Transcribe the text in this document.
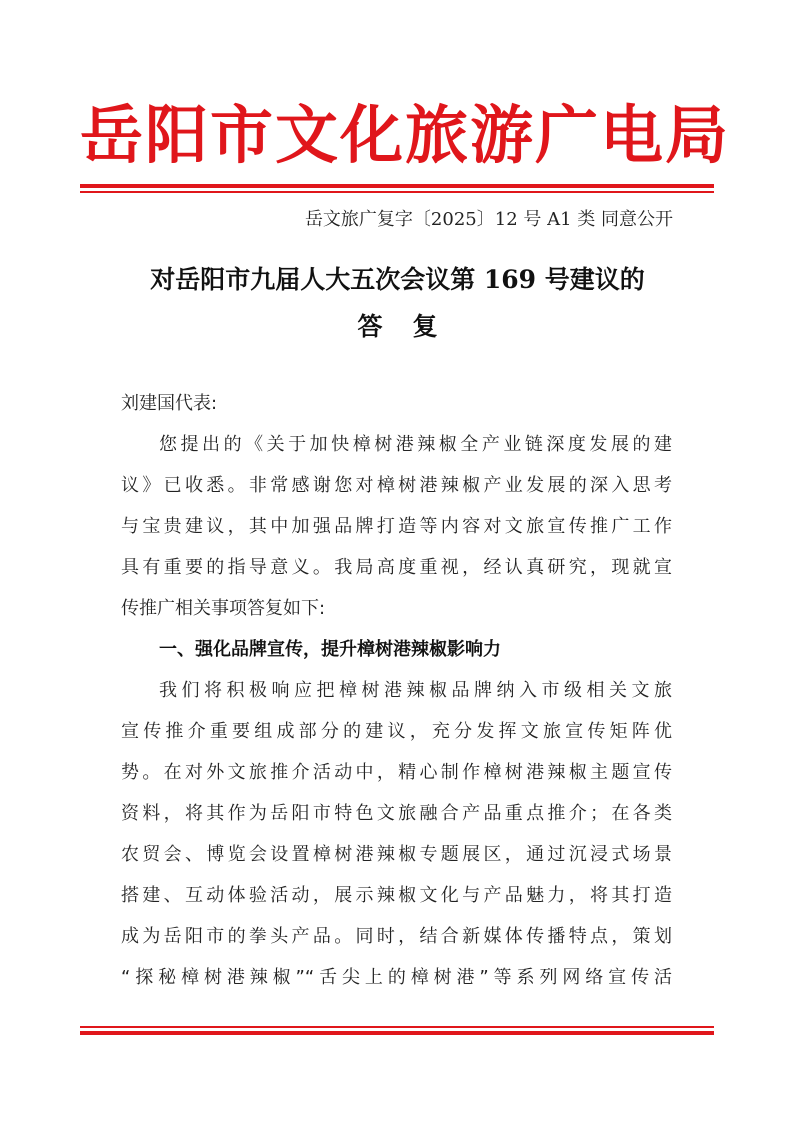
岳阳市文化旅游广电局
岳文旅广复字〔2025〕12 号 A1 类 同意公开
对岳阳市九届人大五次会议第 169 号建议的
答复
刘建国代表:
您提出的《关于加快樟树港辣椒全产业链深度发展的建
议》已收悉。非常感谢您对樟树港辣椒产业发展的深入思考
与宝贵建议，其中加强品牌打造等内容对文旅宣传推广工作
具有重要的指导意义。我局高度重视，经认真研究，现就宣
传推广相关事项答复如下:
一、强化品牌宣传，提升樟树港辣椒影响力
我们将积极响应把樟树港辣椒品牌纳入市级相关文旅
宣传推介重要组成部分的建议，充分发挥文旅宣传矩阵优
势。在对外文旅推介活动中，精心制作樟树港辣椒主题宣传
资料，将其作为岳阳市特色文旅融合产品重点推介；在各类
农贸会、博览会设置樟树港辣椒专题展区，通过沉浸式场景
搭建、互动体验活动，展示辣椒文化与产品魅力，将其打造
成为岳阳市的拳头产品。同时，结合新媒体传播特点，策划
“探秘樟树港辣椒”“舌尖上的樟树港”等系列网络宣传活
